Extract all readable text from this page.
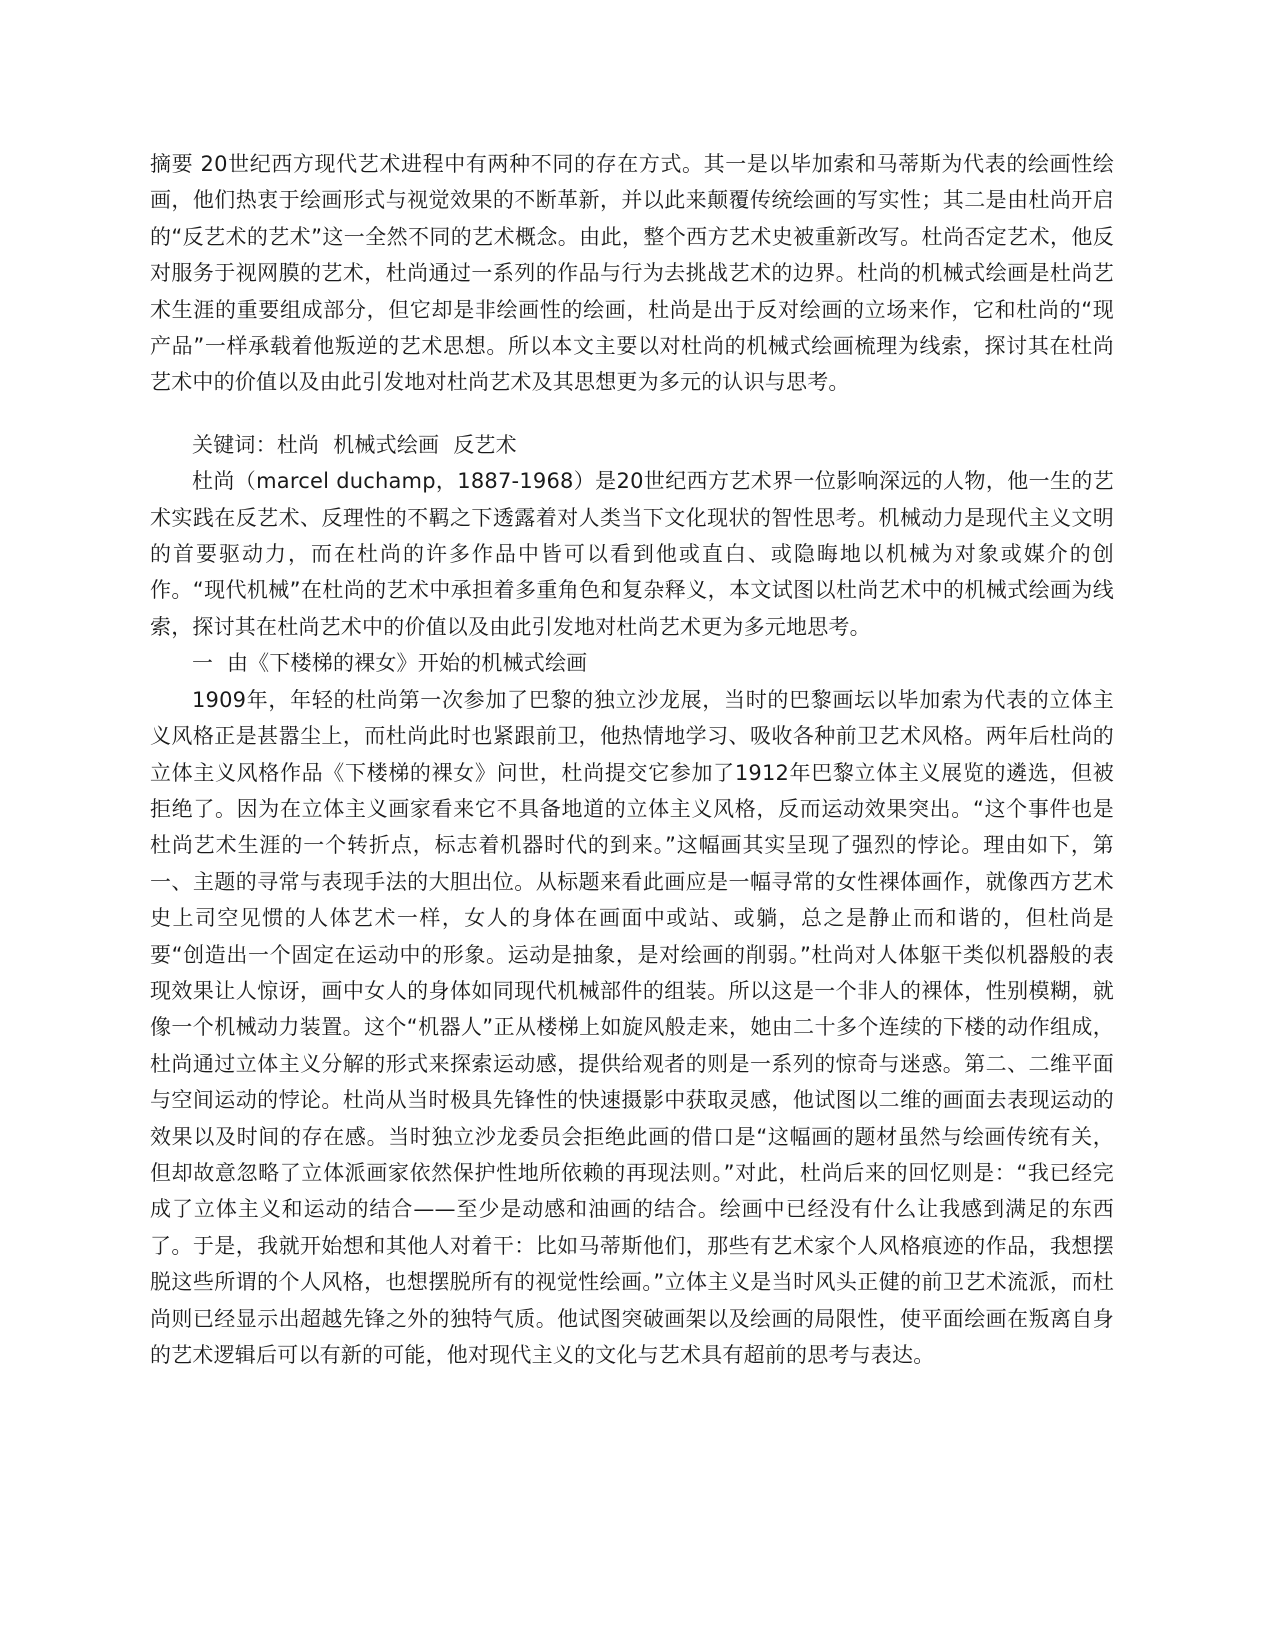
摘要 20世纪西方现代艺术进程中有两种不同的存在方式。其一是以毕加索和马蒂斯为代表的绘画性绘画，他们热衷于绘画形式与视觉效果的不断革新，并以此来颠覆传统绘画的写实性；其二是由杜尚开启的“反艺术的艺术”这一全然不同的艺术概念。由此，整个西方艺术史被重新改写。杜尚否定艺术，他反对服务于视网膜的艺术，杜尚通过一系列的作品与行为去挑战艺术的边界。杜尚的机械式绘画是杜尚艺术生涯的重要组成部分，但它却是非绘画性的绘画，杜尚是出于反对绘画的立场来作，它和杜尚的“现产品”一样承载着他叛逆的艺术思想。所以本文主要以对杜尚的机械式绘画梳理为线索，探讨其在杜尚艺术中的价值以及由此引发地对杜尚艺术及其思想更为多元的认识与思考。

关键词：杜尚 机械式绘画 反艺术

杜尚（marcel duchamp，1887-1968）是20世纪西方艺术界一位影响深远的人物，他一生的艺术实践在反艺术、反理性的不羁之下透露着对人类当下文化现状的智性思考。机械动力是现代主义文明的首要驱动力，而在杜尚的许多作品中皆可以看到他或直白、或隐晦地以机械为对象或媒介的创作。“现代机械”在杜尚的艺术中承担着多重角色和复杂释义，本文试图以杜尚艺术中的机械式绘画为线索，探讨其在杜尚艺术中的价值以及由此引发地对杜尚艺术更为多元地思考。

一  由《下楼梯的裸女》开始的机械式绘画

1909年，年轻的杜尚第一次参加了巴黎的独立沙龙展，当时的巴黎画坛以毕加索为代表的立体主义风格正是甚嚣尘上，而杜尚此时也紧跟前卫，他热情地学习、吸收各种前卫艺术风格。两年后杜尚的立体主义风格作品《下楼梯的裸女》问世，杜尚提交它参加了1912年巴黎立体主义展览的遴选，但被拒绝了。因为在立体主义画家看来它不具备地道的立体主义风格，反而运动效果突出。“这个事件也是杜尚艺术生涯的一个转折点，标志着机器时代的到来。”这幅画其实呈现了强烈的悖论。理由如下，第一、主题的寻常与表现手法的大胆出位。从标题来看此画应是一幅寻常的女性裸体画作，就像西方艺术史上司空见惯的人体艺术一样，女人的身体在画面中或站、或躺，总之是静止而和谐的，但杜尚是要“创造出一个固定在运动中的形象。运动是抽象，是对绘画的削弱。”杜尚对人体躯干类似机器般的表现效果让人惊讶，画中女人的身体如同现代机械部件的组装。所以这是一个非人的裸体，性别模糊，就像一个机械动力装置。这个“机器人”正从楼梯上如旋风般走来，她由二十多个连续的下楼的动作组成，杜尚通过立体主义分解的形式来探索运动感，提供给观者的则是一系列的惊奇与迷惑。第二、二维平面与空间运动的悖论。杜尚从当时极具先锋性的快速摄影中获取灵感，他试图以二维的画面去表现运动的效果以及时间的存在感。当时独立沙龙委员会拒绝此画的借口是“这幅画的题材虽然与绘画传统有关，但却故意忽略了立体派画家依然保护性地所依赖的再现法则。”对此，杜尚后来的回忆则是：“我已经完成了立体主义和运动的结合——至少是动感和油画的结合。绘画中已经没有什么让我感到满足的东西了。于是，我就开始想和其他人对着干：比如马蒂斯他们，那些有艺术家个人风格痕迹的作品，我想摆脱这些所谓的个人风格，也想摆脱所有的视觉性绘画。”立体主义是当时风头正健的前卫艺术流派，而杜尚则已经显示出超越先锋之外的独特气质。他试图突破画架以及绘画的局限性，使平面绘画在叛离自身的艺术逻辑后可以有新的可能，他对现代主义的文化与艺术具有超前的思考与表达。
